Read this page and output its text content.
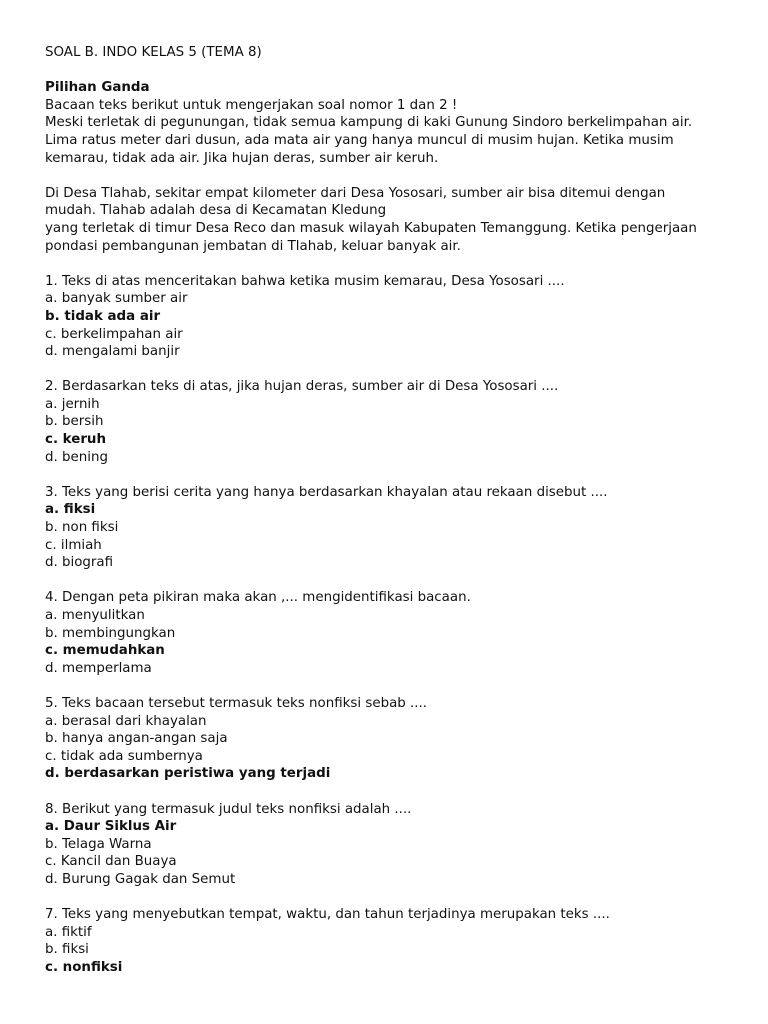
SOAL B. INDO KELAS 5 (TEMA 8)
Pilihan Ganda
Bacaan teks berikut untuk mengerjakan soal nomor 1 dan 2 !
Meski terletak di pegunungan, tidak semua kampung di kaki Gunung Sindoro berkelimpahan air.
Lima ratus meter dari dusun, ada mata air yang hanya muncul di musim hujan. Ketika musim
kemarau, tidak ada air. Jika hujan deras, sumber air keruh.
Di Desa Tlahab, sekitar empat kilometer dari Desa Yososari, sumber air bisa ditemui dengan
mudah. Tlahab adalah desa di Kecamatan Kledung
yang terletak di timur Desa Reco dan masuk wilayah Kabupaten Temanggung. Ketika pengerjaan
pondasi pembangunan jembatan di Tlahab, keluar banyak air.
1. Teks di atas menceritakan bahwa ketika musim kemarau, Desa Yososari ....
a. banyak sumber air
b. tidak ada air
c. berkelimpahan air
d. mengalami banjir
2. Berdasarkan teks di atas, jika hujan deras, sumber air di Desa Yososari ....
a. jernih
b. bersih
c. keruh
d. bening
3. Teks yang berisi cerita yang hanya berdasarkan khayalan atau rekaan disebut ....
a. fiksi
b. non fiksi
c. ilmiah
d. biografi
4. Dengan peta pikiran maka akan ,... mengidentifikasi bacaan.
a. menyulitkan
b. membingungkan
c. memudahkan
d. memperlama
5. Teks bacaan tersebut termasuk teks nonfiksi sebab ....
a. berasal dari khayalan
b. hanya angan-angan saja
c. tidak ada sumbernya
d. berdasarkan peristiwa yang terjadi
8. Berikut yang termasuk judul teks nonfiksi adalah ....
a. Daur Siklus Air
b. Telaga Warna
c. Kancil dan Buaya
d. Burung Gagak dan Semut
7. Teks yang menyebutkan tempat, waktu, dan tahun terjadinya merupakan teks ....
a. fiktif
b. fiksi
c. nonfiksi
